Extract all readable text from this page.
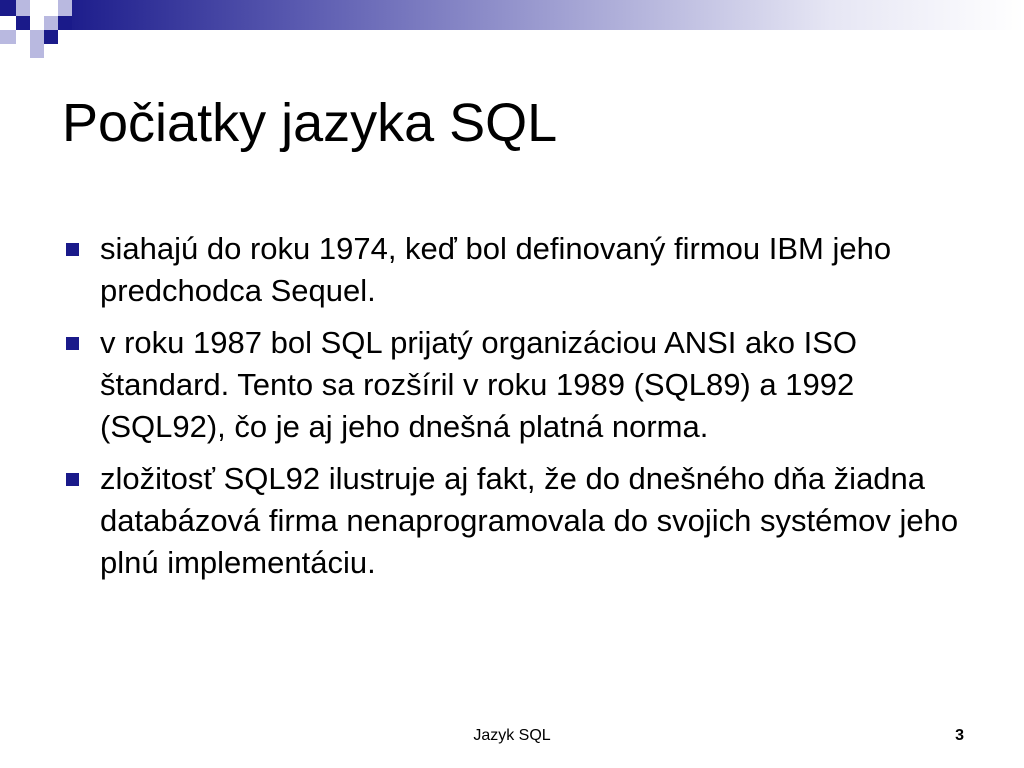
Počiatky jazyka SQL
siahajú do roku 1974, keď bol definovaný firmou IBM jeho predchodca Sequel.
v roku 1987 bol SQL prijatý organizáciou ANSI ako ISO štandard. Tento sa rozšíril v roku 1989 (SQL89) a 1992 (SQL92), čo je aj jeho dnešná platná norma.
zložitosť SQL92 ilustruje aj fakt, že do dnešného dňa žiadna databázová firma nenaprogramovala do svojich systémov jeho plnú implementáciu.
Jazyk SQL	3
